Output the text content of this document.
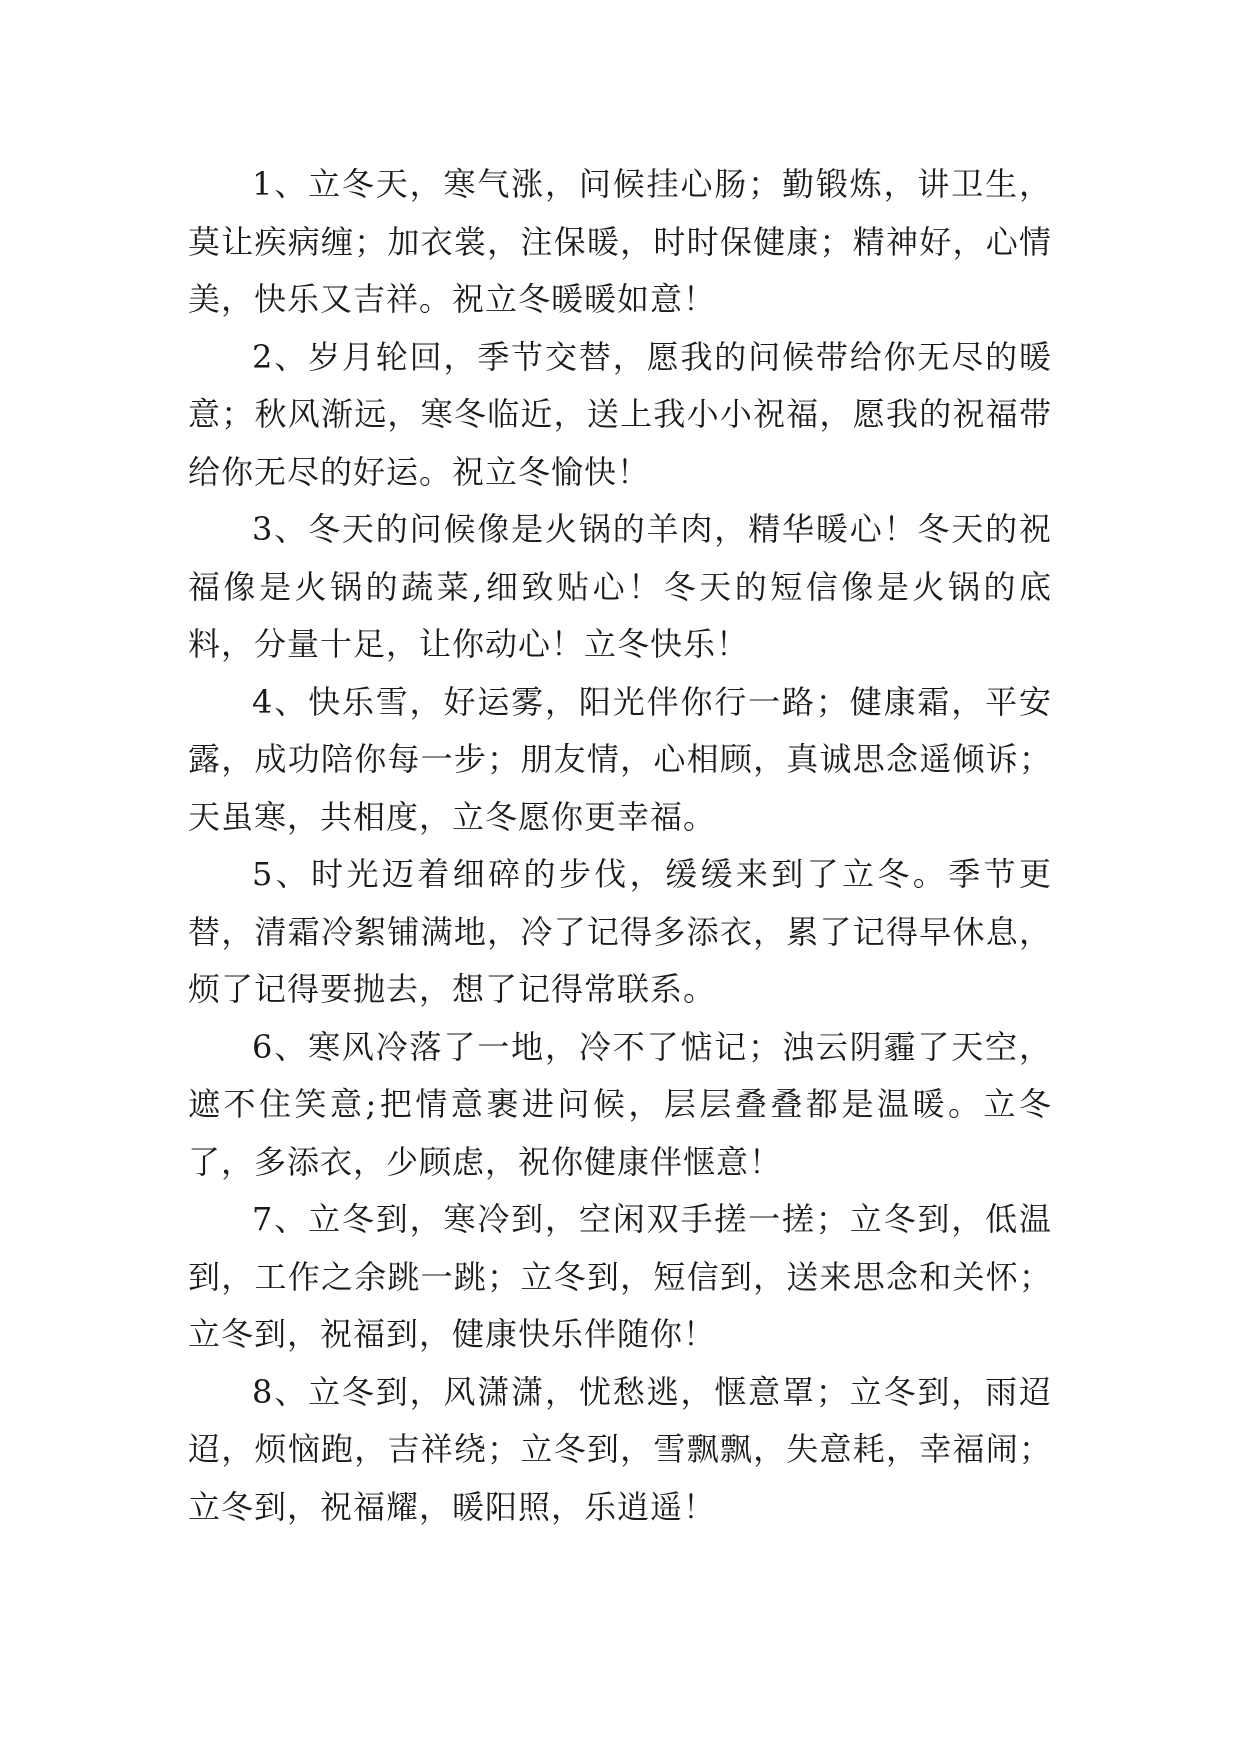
1、立冬天，寒气涨，问候挂心肠；勤锻炼，讲卫生，莫让疾病缠；加衣裳，注保暖，时时保健康；精神好，心情美，快乐又吉祥。祝立冬暖暖如意！

2、岁月轮回，季节交替，愿我的问候带给你无尽的暖意；秋风渐远，寒冬临近，送上我小小祝福，愿我的祝福带给你无尽的好运。祝立冬愉快！

3、冬天的问候像是火锅的羊肉，精华暖心！冬天的祝福像是火锅的蔬菜,细致贴心！冬天的短信像是火锅的底料，分量十足，让你动心！立冬快乐！

4、快乐雪，好运雾，阳光伴你行一路；健康霜，平安露，成功陪你每一步；朋友情，心相顾，真诚思念遥倾诉；天虽寒，共相度，立冬愿你更幸福。

5、时光迈着细碎的步伐，缓缓来到了立冬。季节更替，清霜冷絮铺满地，冷了记得多添衣，累了记得早休息，烦了记得要抛去，想了记得常联系。

6、寒风冷落了一地，冷不了惦记；浊云阴霾了天空，遮不住笑意;把情意裹进问候，层层叠叠都是温暖。立冬了，多添衣，少顾虑，祝你健康伴惬意！

7、立冬到，寒冷到，空闲双手搓一搓；立冬到，低温到，工作之余跳一跳；立冬到，短信到，送来思念和关怀；立冬到，祝福到，健康快乐伴随你！

8、立冬到，风潇潇，忧愁逃，惬意罩；立冬到，雨迢迢，烦恼跑，吉祥绕；立冬到，雪飘飘，失意耗，幸福闹；立冬到，祝福耀，暖阳照，乐逍遥！
